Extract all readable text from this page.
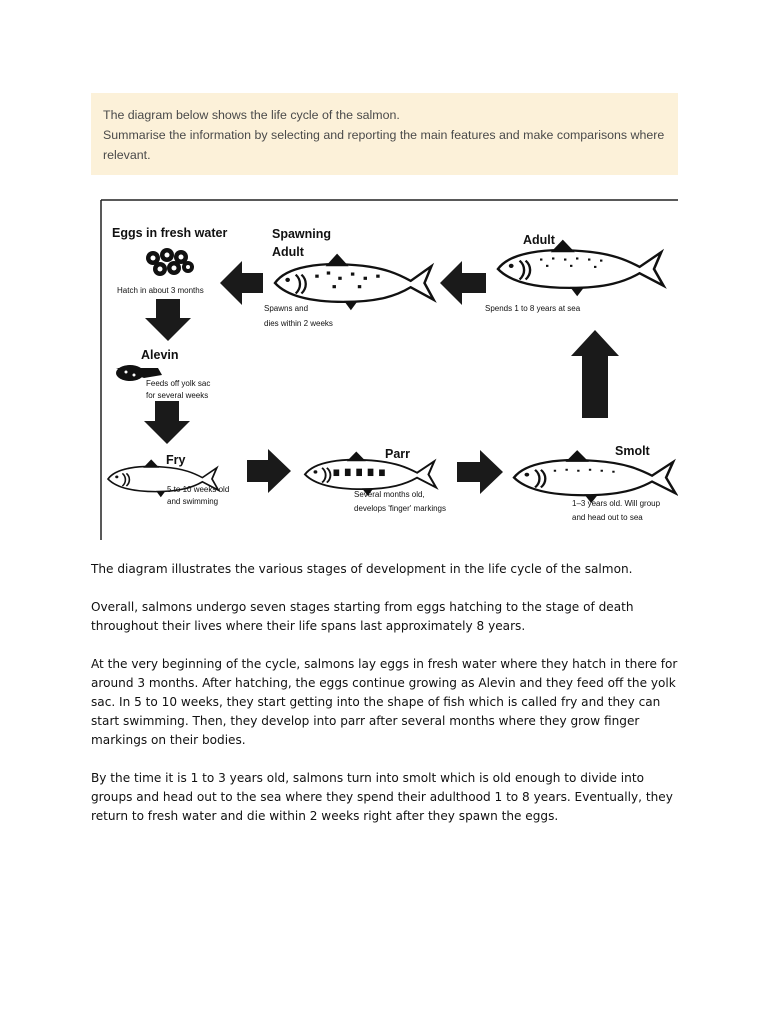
The diagram below shows the life cycle of the salmon.
Summarise the information by selecting and reporting the main features and make comparisons where
relevant.
Eggs in fresh water
Hatch in about 3 months
Spawning
Adult
Spawns and
dies within 2 weeks
Adult
Spends 1 to 8 years at sea
Alevin
Feeds off yolk sac
for several weeks
Fry
5 to 10 weeks old
and swimming
Parr
Several months old,
develops 'finger' markings
Smolt
1–3 years old. Will group
and head out to sea

The diagram illustrates the various stages of development in the life cycle of the salmon.

Overall, salmons undergo seven stages starting from eggs hatching to the stage of death
throughout their lives where their life spans last approximately 8 years.

At the very beginning of the cycle, salmons lay eggs in fresh water where they hatch in there for
around 3 months. After hatching, the eggs continue growing as Alevin and they feed off the yolk
sac. In 5 to 10 weeks, they start getting into the shape of fish which is called fry and they can
start swimming. Then, they develop into parr after several months where they grow finger
markings on their bodies.

By the time it is 1 to 3 years old, salmons turn into smolt which is old enough to divide into
groups and head out to the sea where they spend their adulthood 1 to 8 years. Eventually, they
return to fresh water and die within 2 weeks right after they spawn the eggs.
